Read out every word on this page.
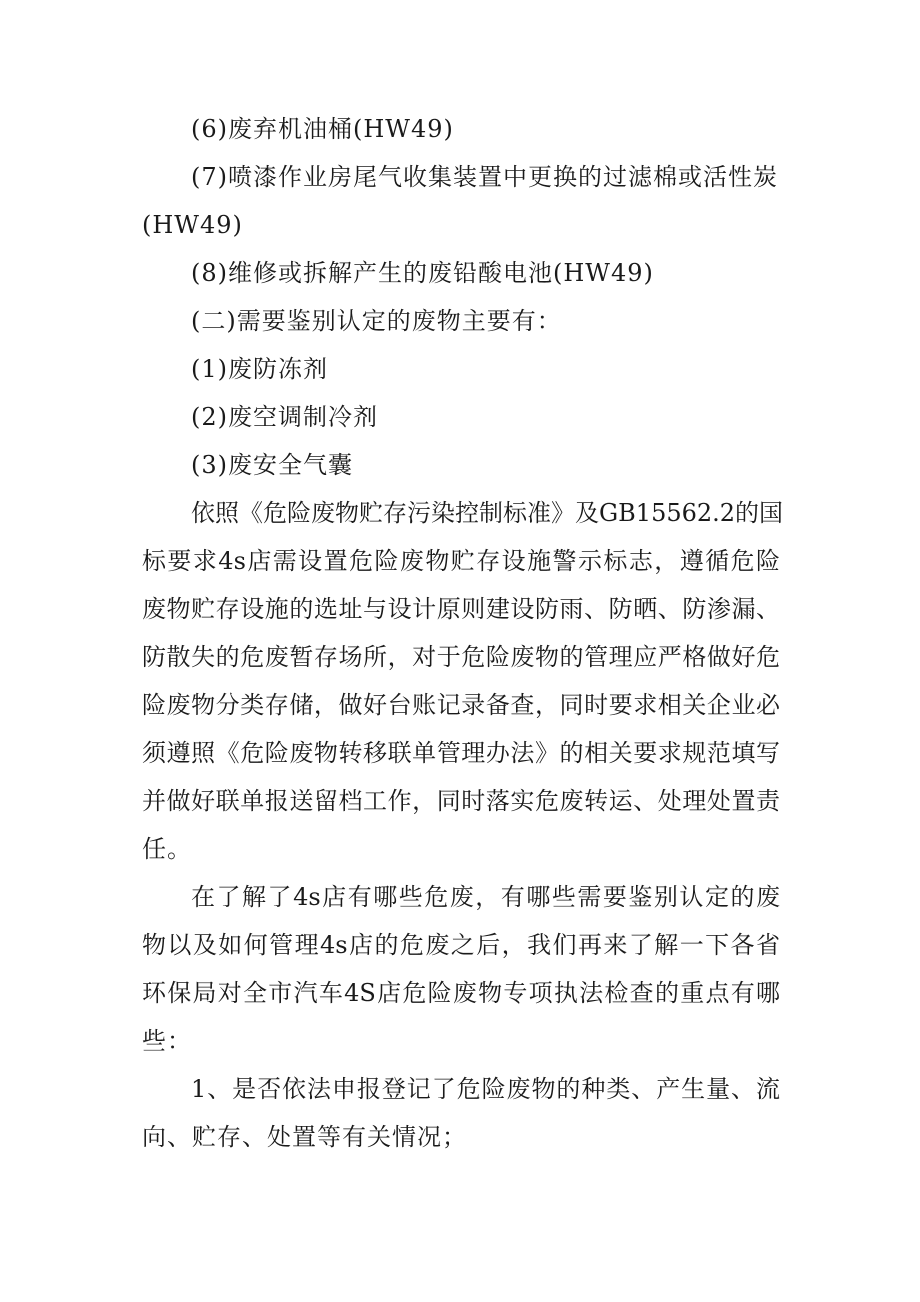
(6)废弃机油桶(HW49)
(7)喷漆作业房尾气收集装置中更换的过滤棉或活性炭
(HW49)
(8)维修或拆解产生的废铅酸电池(HW49)
(二)需要鉴别认定的废物主要有：
(1)废防冻剂
(2)废空调制冷剂
(3)废安全气囊
依照《危险废物贮存污染控制标准》及GB15562.2的国
标要求4s店需设置危险废物贮存设施警示标志，遵循危险
废物贮存设施的选址与设计原则建设防雨、防晒、防渗漏、
防散失的危废暂存场所，对于危险废物的管理应严格做好危
险废物分类存储，做好台账记录备查，同时要求相关企业必
须遵照《危险废物转移联单管理办法》的相关要求规范填写
并做好联单报送留档工作，同时落实危废转运、处理处置责
任。
在了解了4s店有哪些危废，有哪些需要鉴别认定的废
物以及如何管理4s店的危废之后，我们再来了解一下各省
环保局对全市汽车4S店危险废物专项执法检查的重点有哪
些：
1、是否依法申报登记了危险废物的种类、产生量、流
向、贮存、处置等有关情况；
